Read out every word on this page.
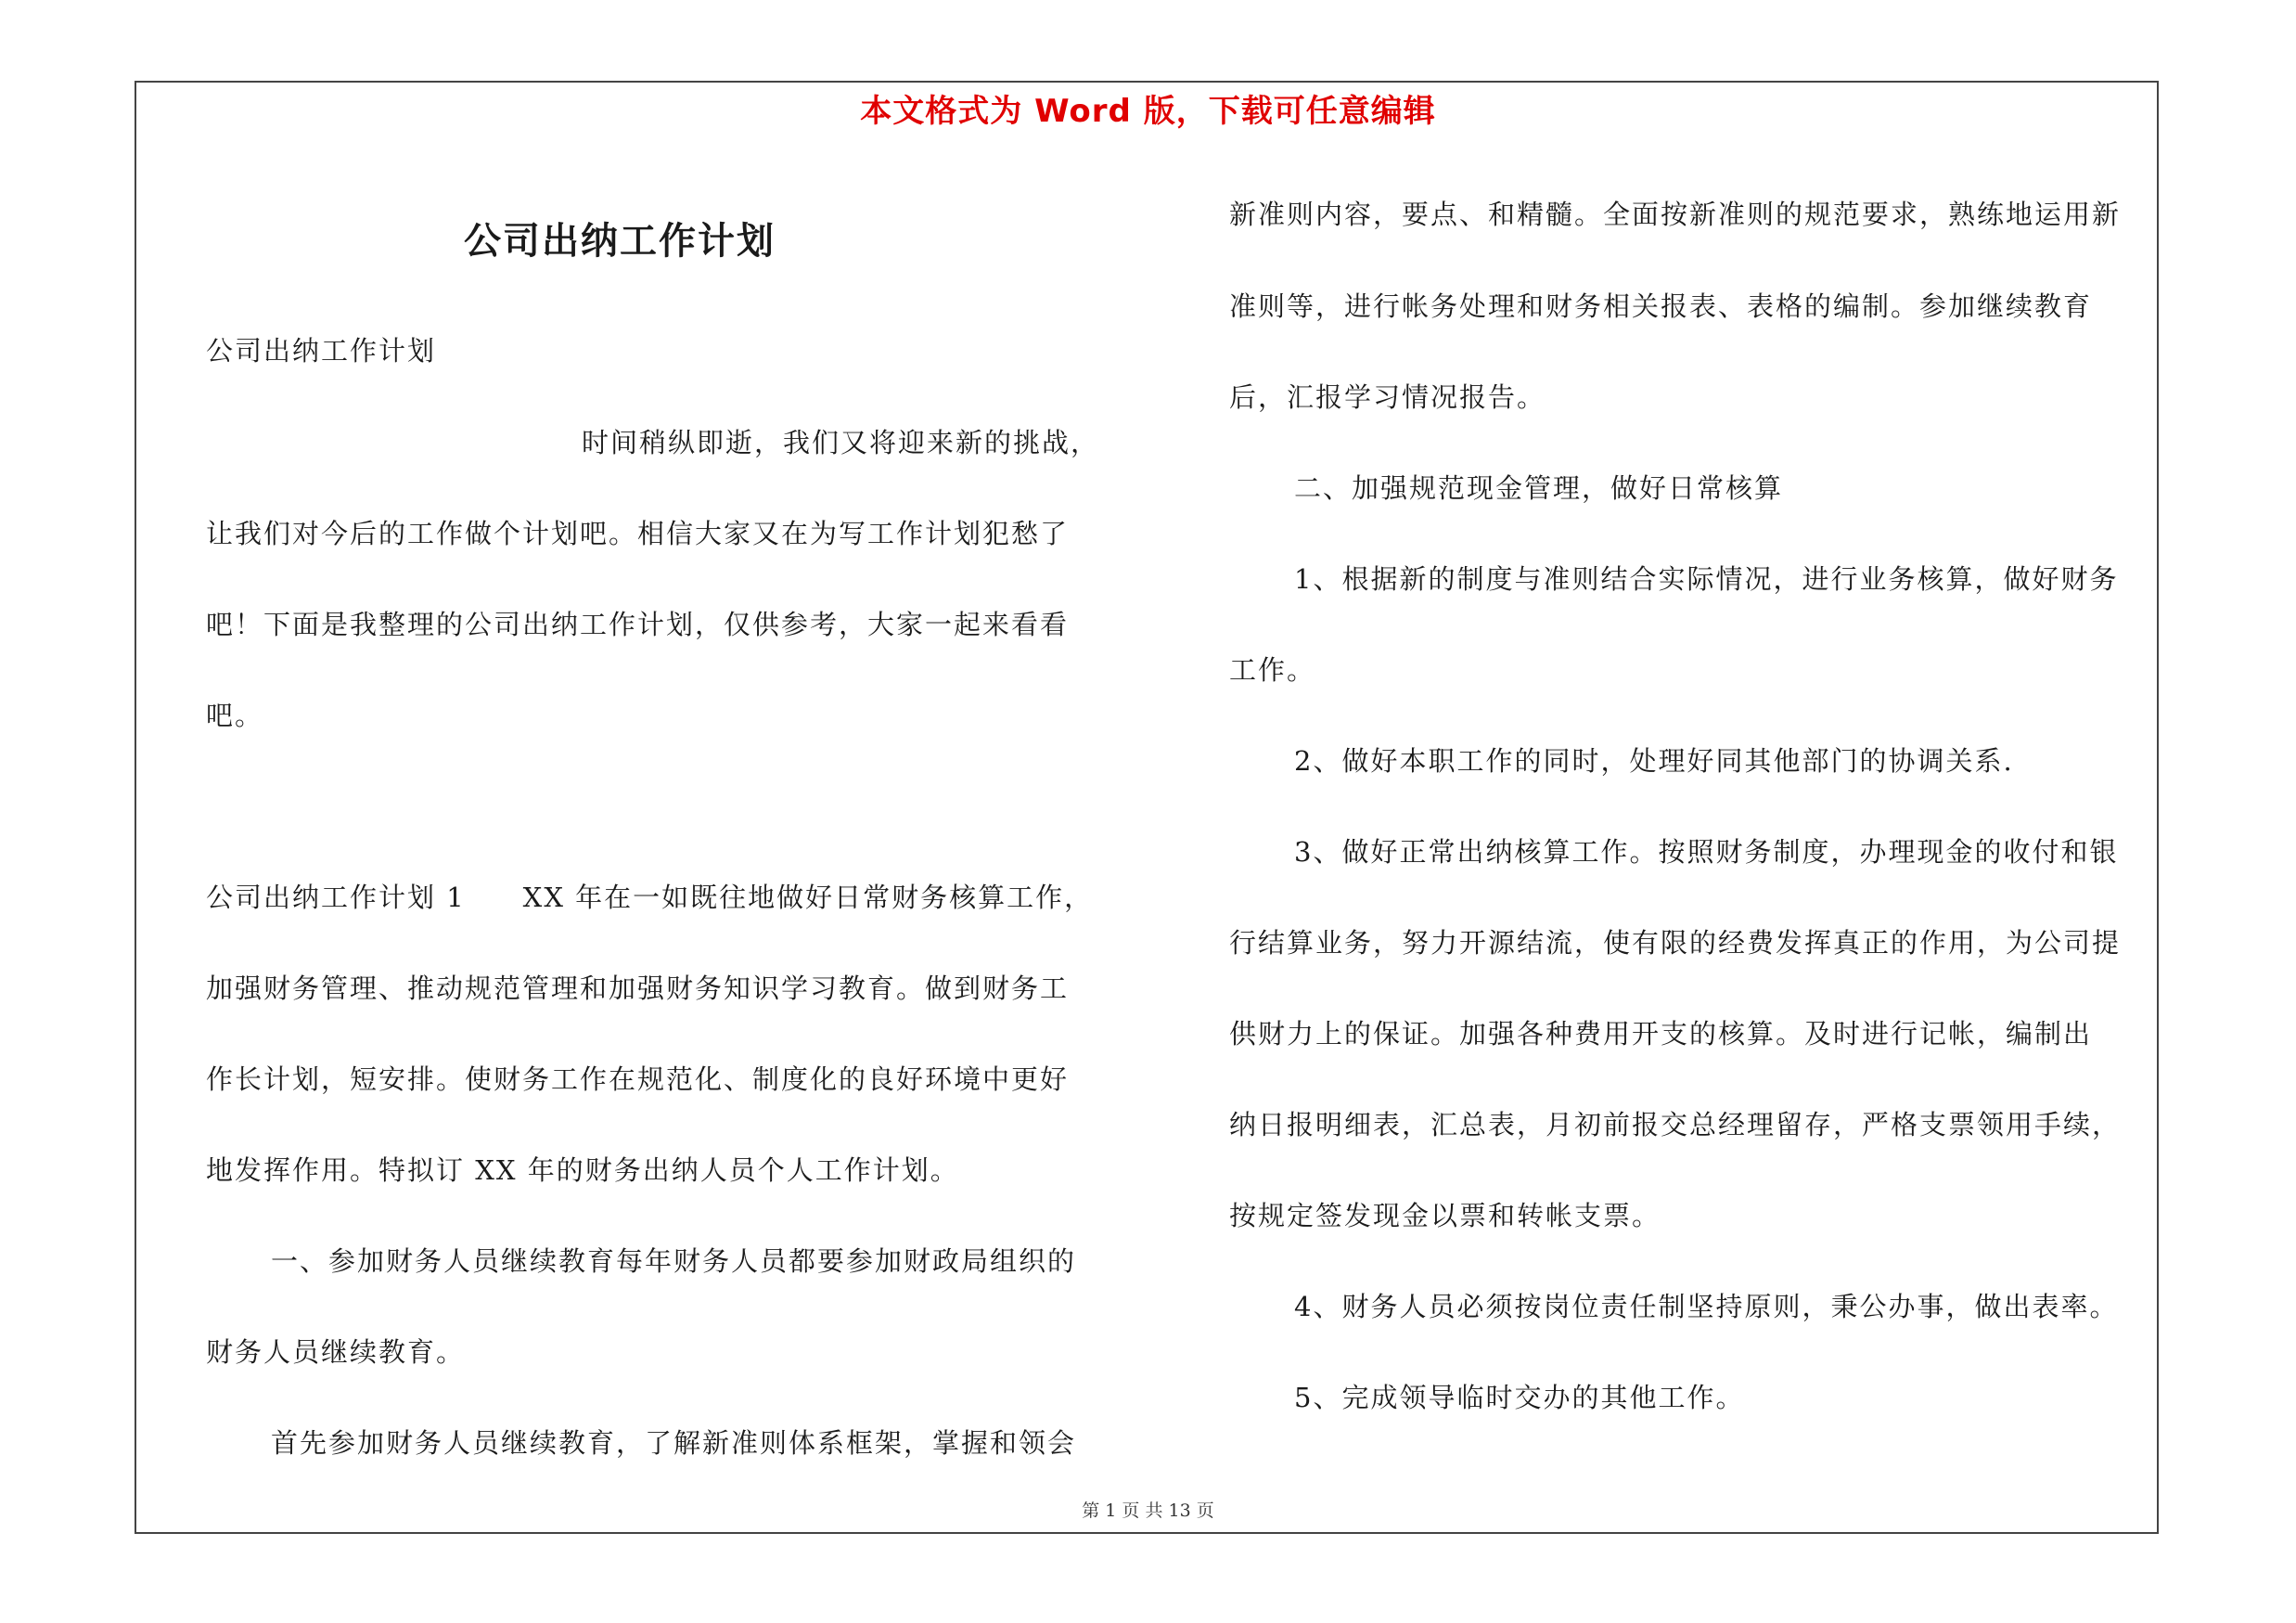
本文格式为 Word 版，下载可任意编辑
公司出纳工作计划
公司出纳工作计划
时间稍纵即逝，我们又将迎来新的挑战，
让我们对今后的工作做个计划吧。相信大家又在为写工作计划犯愁了
吧！下面是我整理的公司出纳工作计划，仅供参考，大家一起来看看
吧。
公司出纳工作计划 1　　XX 年在一如既往地做好日常财务核算工作，
加强财务管理、推动规范管理和加强财务知识学习教育。做到财务工
作长计划，短安排。使财务工作在规范化、制度化的良好环境中更好
地发挥作用。特拟订 XX 年的财务出纳人员个人工作计划。
一、参加财务人员继续教育每年财务人员都要参加财政局组织的
财务人员继续教育。
首先参加财务人员继续教育，了解新准则体系框架，掌握和领会
新准则内容，要点、和精髓。全面按新准则的规范要求，熟练地运用新
准则等，进行帐务处理和财务相关报表、表格的编制。参加继续教育
后，汇报学习情况报告。
二、加强规范现金管理，做好日常核算
1、根据新的制度与准则结合实际情况，进行业务核算，做好财务
工作。
2、做好本职工作的同时，处理好同其他部门的协调关系.
3、做好正常出纳核算工作。按照财务制度，办理现金的收付和银
行结算业务，努力开源结流，使有限的经费发挥真正的作用，为公司提
供财力上的保证。加强各种费用开支的核算。及时进行记帐，编制出
纳日报明细表，汇总表，月初前报交总经理留存，严格支票领用手续，
按规定签发现金以票和转帐支票。
4、财务人员必须按岗位责任制坚持原则，秉公办事，做出表率。
5、完成领导临时交办的其他工作。
第 1 页 共 13 页
